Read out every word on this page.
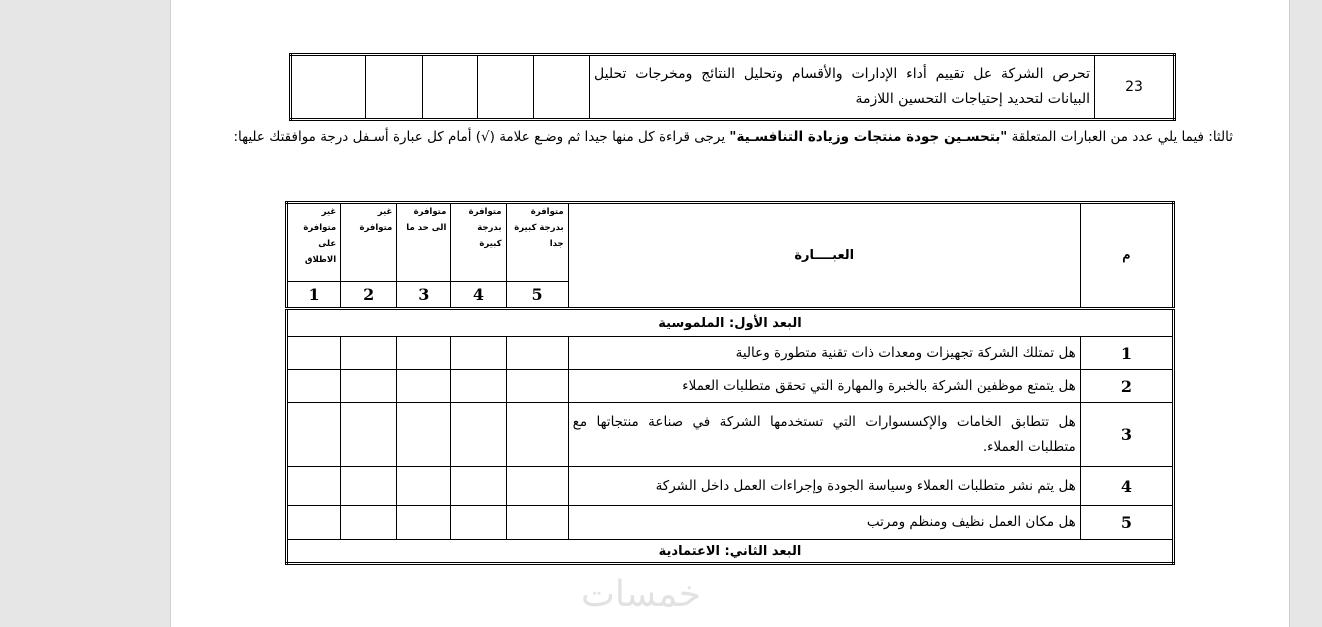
23	تحرص الشركة عل تقييم أداء الإدارات والأقسام وتحليل النتائج ومخرجات تحليل البيانات لتحديد إحتياجات التحسين اللازمة					
ثالثا: فيما يلي عدد من العبارات المتعلقة "بتحسـين جودة منتجات وزيادة التنافسـية" يرجى قراءة كل منها جيدا ثم وضـع علامة (√) أمام كل عبارة أسـفل درجة موافقتك عليها:
م	العبــــارة	متوافرة بدرجة كبيرة جدا	متوافرة بدرجة كبيرة	متوافرة الى حد ما	غير متوافرة	غير متوافرة على الاطلاق
		5	4	3	2	1
البعد الأول: الملموسية						
1	هل تمتلك الشركة تجهيزات ومعدات ذات تقنية متطورة وعالية					
2	هل يتمتع موظفين الشركة بالخبرة والمهارة التي تحقق متطلبات العملاء					
3	هل تتطابق الخامات والإكسسوارات التي تستخدمها الشركة في صناعة منتجاتها مع متطلبات العملاء.					
4	هل يتم نشر متطلبات العملاء وسياسة الجودة وإجراءات العمل داخل الشركة					
5	هل مكان العمل نظيف ومنظم ومرتب					
البعد الثاني: الاعتمادية						
خمسات
